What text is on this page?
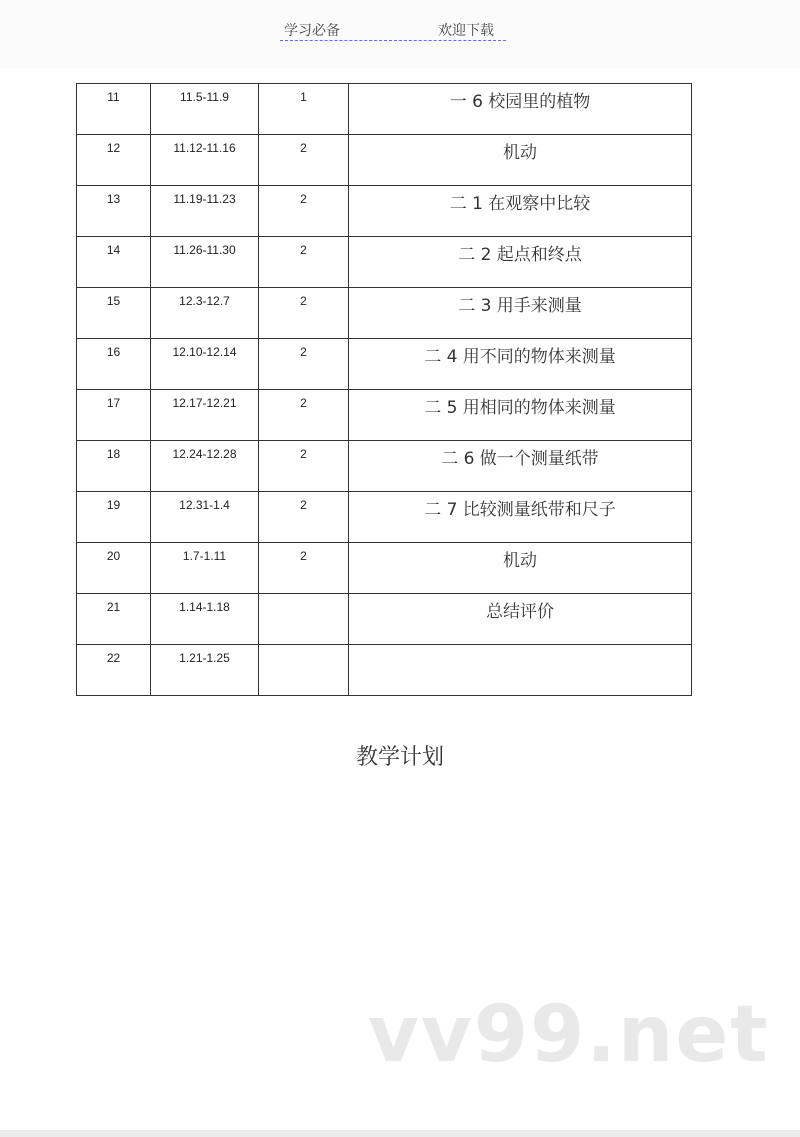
学习必备	欢迎下载
11	11.5-11.9	1	一 6 校园里的植物

12	11.12-11.16	2	机动

13	11.19-11.23	2	二 1 在观察中比较

14	11.26-11.30	2	二 2 起点和终点

15	12.3-12.7	2	二 3 用手来测量

16	12.10-12.14	2	二 4 用不同的物体来测量

17	12.17-12.21	2	二 5 用相同的物体来测量

18	12.24-12.28	2	二 6 做一个测量纸带

19	12.31-1.4	2	二 7 比较测量纸带和尺子

20	1.7-1.11	2	机动

21	1.14-1.18		总结评价

22	1.21-1.25		

教学计划
vv99.net
